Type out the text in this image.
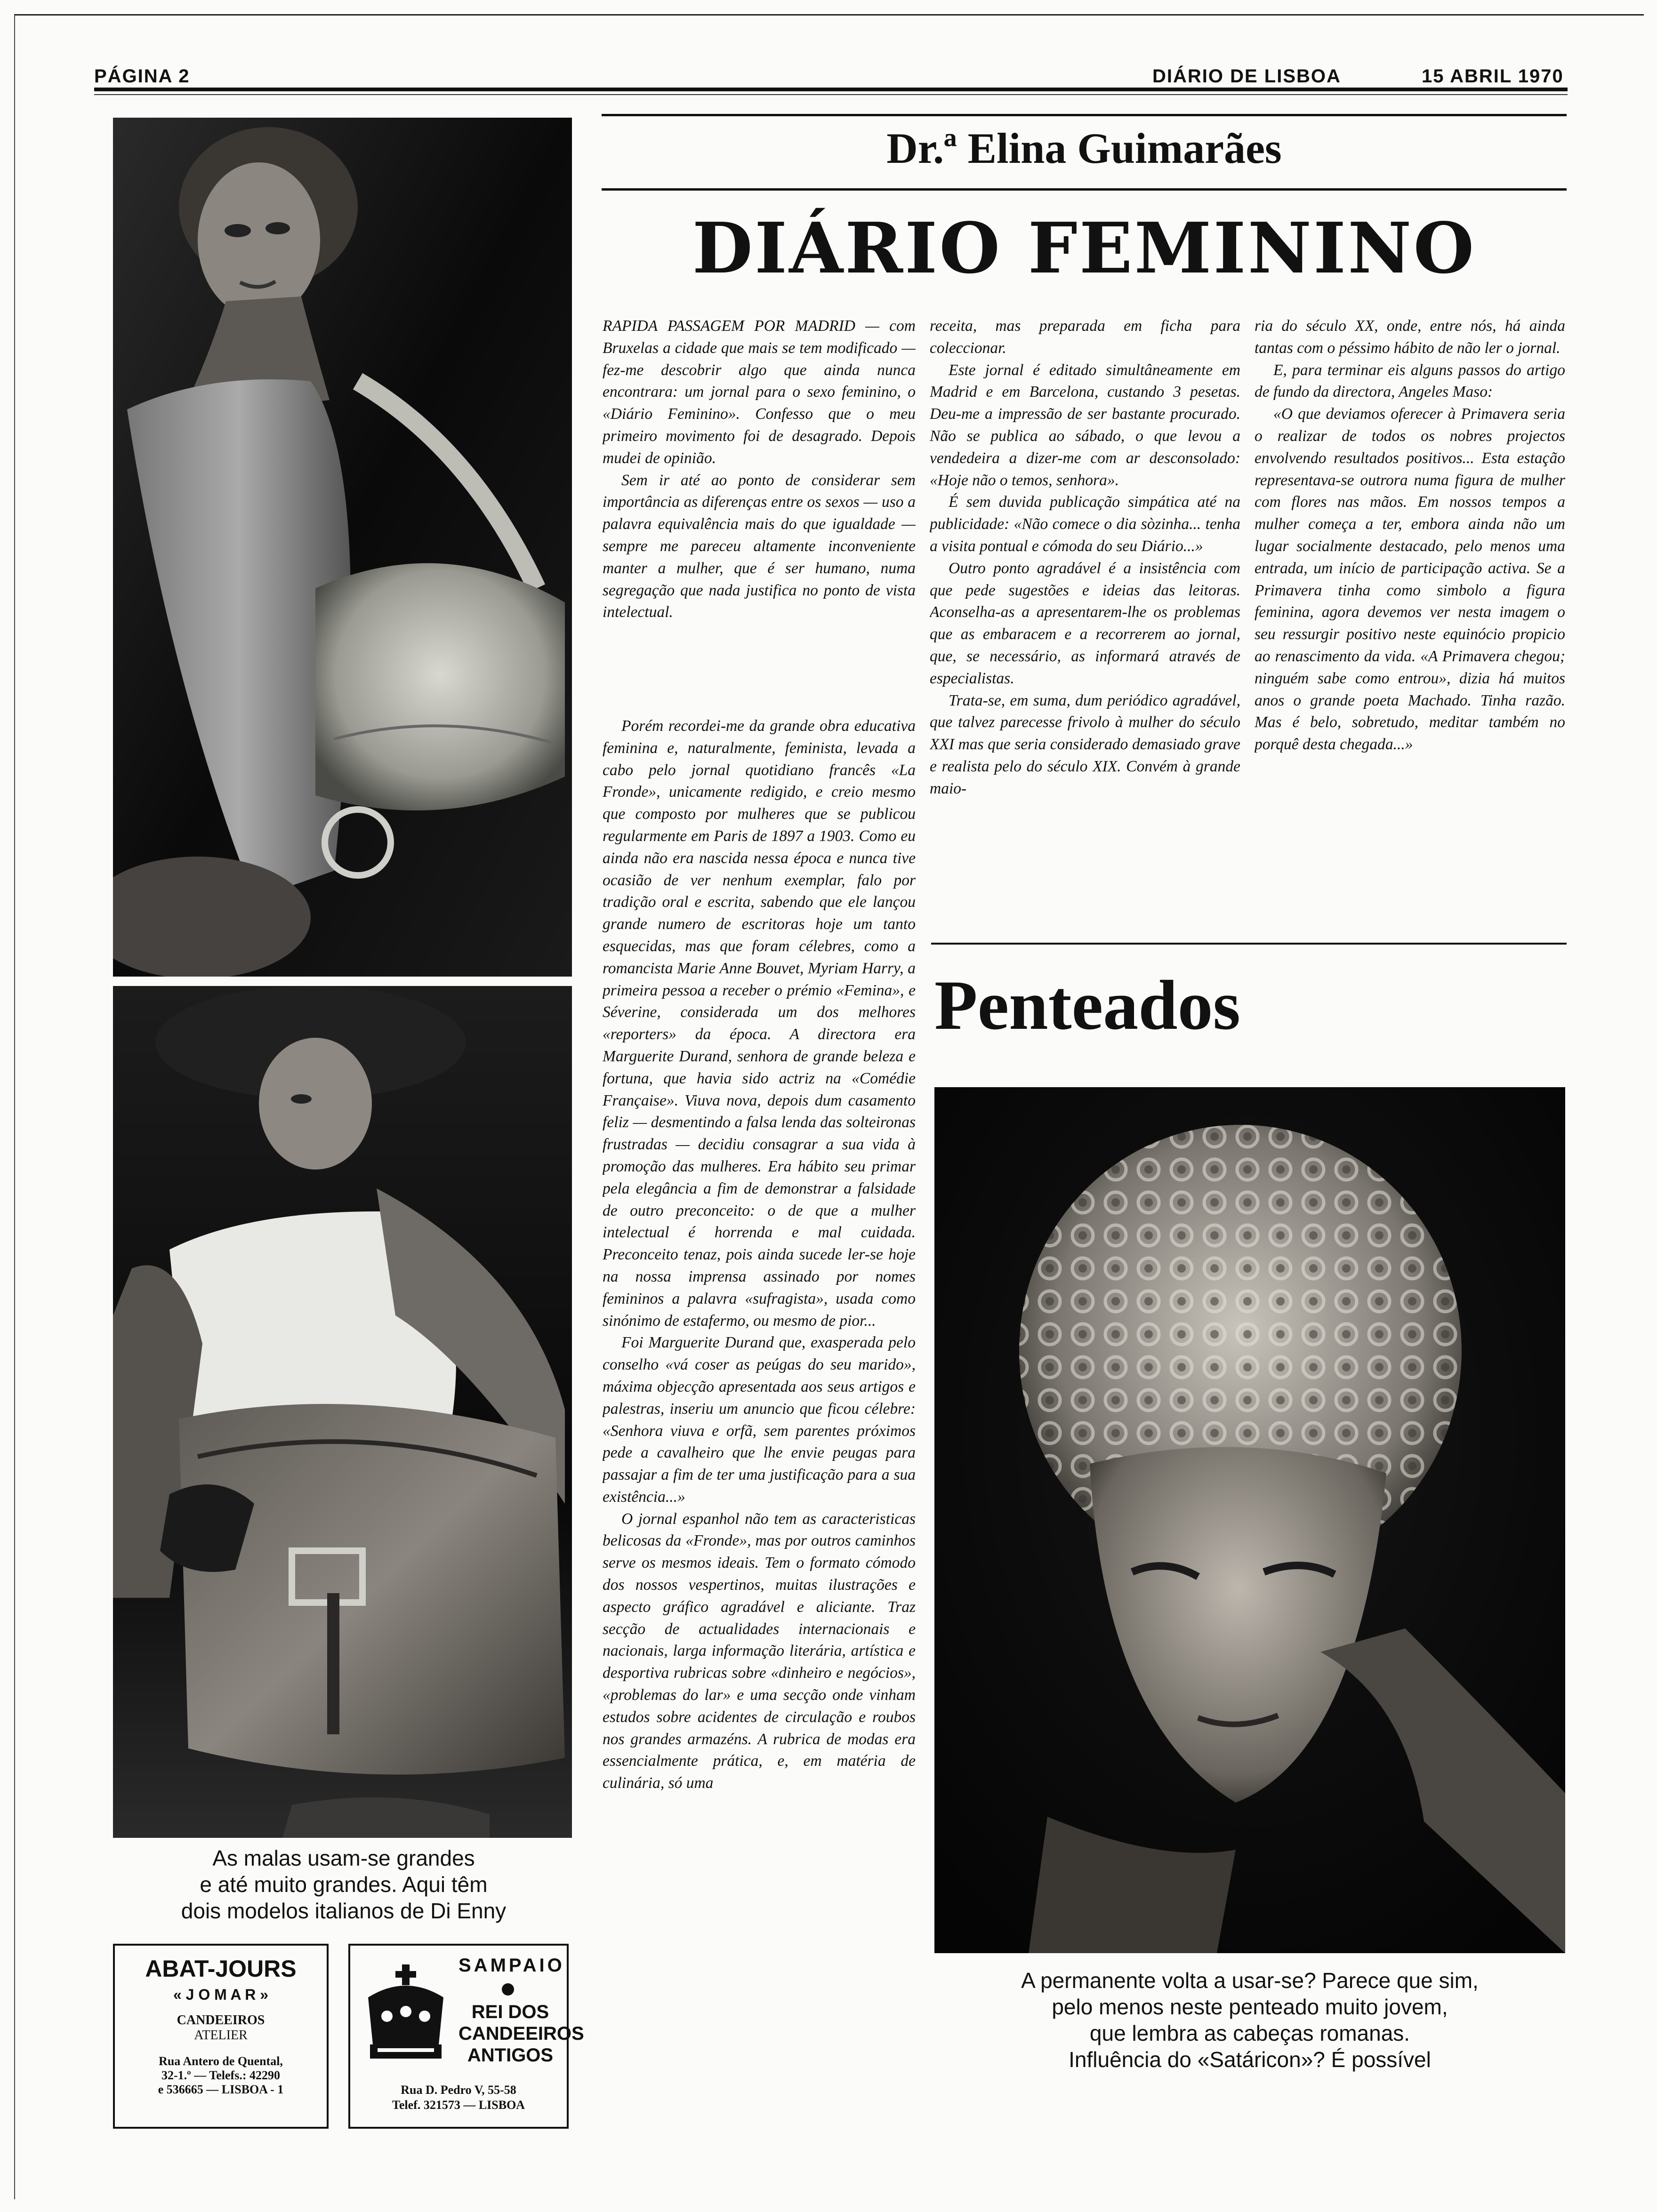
PÁGINA 2	DIÁRIO DE LISBOA	15 ABRIL 1970
As malas usam-se grandes
e até muito grandes. Aqui têm
dois modelos italianos de Di Enny
ABAT-JOURS
« J O M A R »
CANDEEIROS
ATELIER
Rua Antero de Quental,
32-1.º — Telefs.: 42290
e 536665 — LISBOA - 1
SAMPAIO
REI DOS
CANDEEIROS
ANTIGOS
Rua D. Pedro V, 55-58
Telef. 321573 — LISBOA
Dr.ª Elina Guimarães
DIÁRIO FEMININO

RAPIDA PASSAGEM POR MADRID — com Bruxelas a cidade que mais se tem modificado — fez-me descobrir algo que ainda nunca encontrara: um jornal para o sexo feminino, o «Diário Feminino». Confesso que o meu primeiro movimento foi de desagrado. Depois mudei de opinião.

Sem ir até ao ponto de considerar sem importância as diferenças entre os sexos — uso a palavra equivalência mais do que igualdade — sempre me pareceu altamente inconveniente manter a mulher, que é ser humano, numa segregação que nada justifica no ponto de vista intelectual.

Porém recordei-me da grande obra educativa feminina e, naturalmente, feminista, levada a cabo pelo jornal quotidiano francês «La Fronde», unicamente redigido, e creio mesmo que composto por mulheres que se publicou regularmente em Paris de 1897 a 1903. Como eu ainda não era nascida nessa época e nunca tive ocasião de ver nenhum exemplar, falo por tradição oral e escrita, sabendo que ele lançou grande numero de escritoras hoje um tanto esquecidas, mas que foram célebres, como a romancista Marie Anne Bouvet, Myriam Harry, a primeira pessoa a receber o prémio «Femina», e Séverine, considerada um dos melhores «reporters» da época. A directora era Marguerite Durand, senhora de grande beleza e fortuna, que havia sido actriz na «Comédie Française». Viuva nova, depois dum casamento feliz — desmentindo a falsa lenda das solteironas frustradas — decidiu consagrar a sua vida à promoção das mulheres. Era hábito seu primar pela elegância a fim de demonstrar a falsidade de outro preconceito: o de que a mulher intelectual é horrenda e mal cuidada. Preconceito tenaz, pois ainda sucede ler-se hoje na nossa imprensa assinado por nomes femininos a palavra «sufragista», usada como sinónimo de estafermo, ou mesmo de pior...

Foi Marguerite Durand que, exasperada pelo conselho «vá coser as peúgas do seu marido», máxima objecção apresentada aos seus artigos e palestras, inseriu um anuncio que ficou célebre: «Senhora viuva e orfã, sem parentes próximos pede a cavalheiro que lhe envie peugas para passajar a fim de ter uma justificação para a sua existência...»

O jornal espanhol não tem as caracteristicas belicosas da «Fronde», mas por outros caminhos serve os mesmos ideais. Tem o formato cómodo dos nossos vespertinos, muitas ilustrações e aspecto gráfico agradável e aliciante. Traz secção de actualidades internacionais e nacionais, larga informação literária, artística e desportiva rubricas sobre «dinheiro e negócios», «problemas do lar» e uma secção onde vinham estudos sobre acidentes de circulação e roubos nos grandes armazéns. A rubrica de modas era essencialmente prática, e, em matéria de culinária, só uma

receita, mas preparada em ficha para coleccionar.

Este jornal é editado simultâneamente em Madrid e em Barcelona, custando 3 pesetas. Deu-me a impressão de ser bastante procurado. Não se publica ao sábado, o que levou a vendedeira a dizer-me com ar desconsolado: «Hoje não o temos, senhora».

É sem duvida publicação simpática até na publicidade: «Não comece o dia sòzinha... tenha a visita pontual e cómoda do seu Diário...»

Outro ponto agradável é a insistência com que pede sugestões e ideias das leitoras. Aconselha-as a apresentarem-lhe os problemas que as embaracem e a recorrerem ao jornal, que, se necessário, as informará através de especialistas.

Trata-se, em suma, dum periódico agradável, que talvez parecesse frivolo à mulher do século XXI mas que seria considerado demasiado grave e realista pelo do século XIX. Convém à grande maio-

ria do século XX, onde, entre nós, há ainda tantas com o péssimo hábito de não ler o jornal.

E, para terminar eis alguns passos do artigo de fundo da directora, Angeles Maso:

«O que deviamos oferecer à Primavera seria o realizar de todos os nobres projectos envolvendo resultados positivos... Esta estação representava-se outrora numa figura de mulher com flores nas mãos. Em nossos tempos a mulher começa a ter, embora ainda não um lugar socialmente destacado, pelo menos uma entrada, um início de participação activa. Se a Primavera tinha como simbolo a figura feminina, agora devemos ver nesta imagem o seu ressurgir positivo neste equinócio propicio ao renascimento da vida. «A Primavera chegou; ninguém sabe como entrou», dizia há muitos anos o grande poeta Machado. Tinha razão. Mas é belo, sobretudo, meditar também no porquê desta chegada...»

Penteados
A permanente volta a usar-se? Parece que sim,
pelo menos neste penteado muito jovem,
que lembra as cabeças romanas.
Influência do «Satáricon»? É possível
